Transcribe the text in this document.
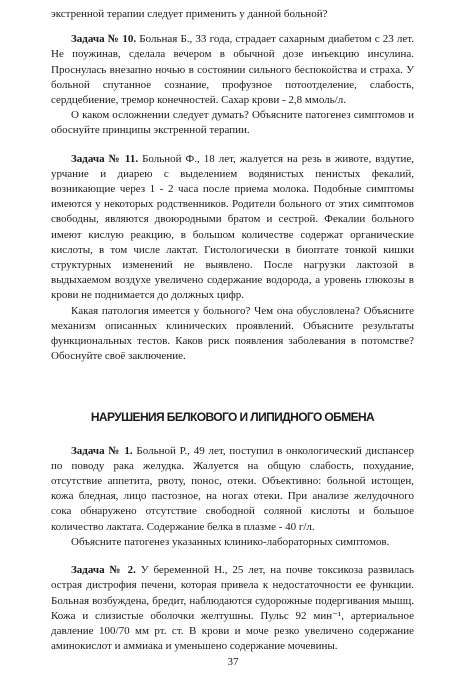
экстренной терапии следует применить у данной больной?

Задача № 10. Больная Б., 33 года, страдает сахарным диабетом с 23 лет. Не поужинав, сделала вечером в обычной дозе инъекцию инсулина. Проснулась внезапно ночью в состоянии сильного беспокойства и страха. У больной спутанное сознание, профузное потоотделение, слабость, сердцебиение, тремор конечностей. Сахар крови - 2,8 ммоль/л.

О каком осложнении следует думать? Объясните патогенез симптомов и обоснуйте принципы экстренной терапии.

Задача № 11. Больной Ф., 18 лет, жалуется на резь в животе, вздутие, урчание и диарею с выделением водянистых пенистых фекалий, возникающие через 1 - 2 часа после приема молока. Подобные симптомы имеются у некоторых родственников. Родители больного от этих симптомов свободны, являются двоюродными братом и сестрой. Фекалии больного имеют кислую реакцию, в большом количестве содержат органические кислоты, в том числе лактат. Гистологически в биоптате тонкой кишки структурных изменений не выявлено. После нагрузки лактозой в выдыхаемом воздухе увеличено содержание водорода, а уровень глюкозы в крови не поднимается до должных цифр.

Какая патология имеется у больного? Чем она обусловлена? Объясните механизм описанных клинических проявлений. Объясните результаты функциональных тестов. Каков риск появления заболевания в потомстве? Обоснуйте своё заключение.

НАРУШЕНИЯ БЕЛКОВОГО И ЛИПИДНОГО ОБМЕНА

Задача № 1. Больной Р., 49 лет, поступил в онкологический диспансер по поводу рака желудка. Жалуется на общую слабость, похудание, отсутствие аппетита, рвоту, понос, отеки. Объективно: больной истощен, кожа бледная, лицо пастозное, на ногах отеки. При анализе желудочного сока обнаружено отсутствие свободной соляной кислоты и большое количество лактата. Содержание белка в плазме - 40 г/л.

Объясните патогенез указанных клинико-лабораторных симптомов.

Задача № 2. У беременной Н., 25 лет, на почве токсикоза развилась острая дистрофия печени, которая привела к недостаточности ее функции. Больная возбуждена, бредит, наблюдаются судорожные подергивания мышц. Кожа и слизистые оболочки желтушны. Пульс 92 мин⁻¹, артериальное давление 100/70 мм рт. ст. В крови и моче резко увеличено содержание аминокислот и аммиака и уменьшено содержание мочевины.

37
